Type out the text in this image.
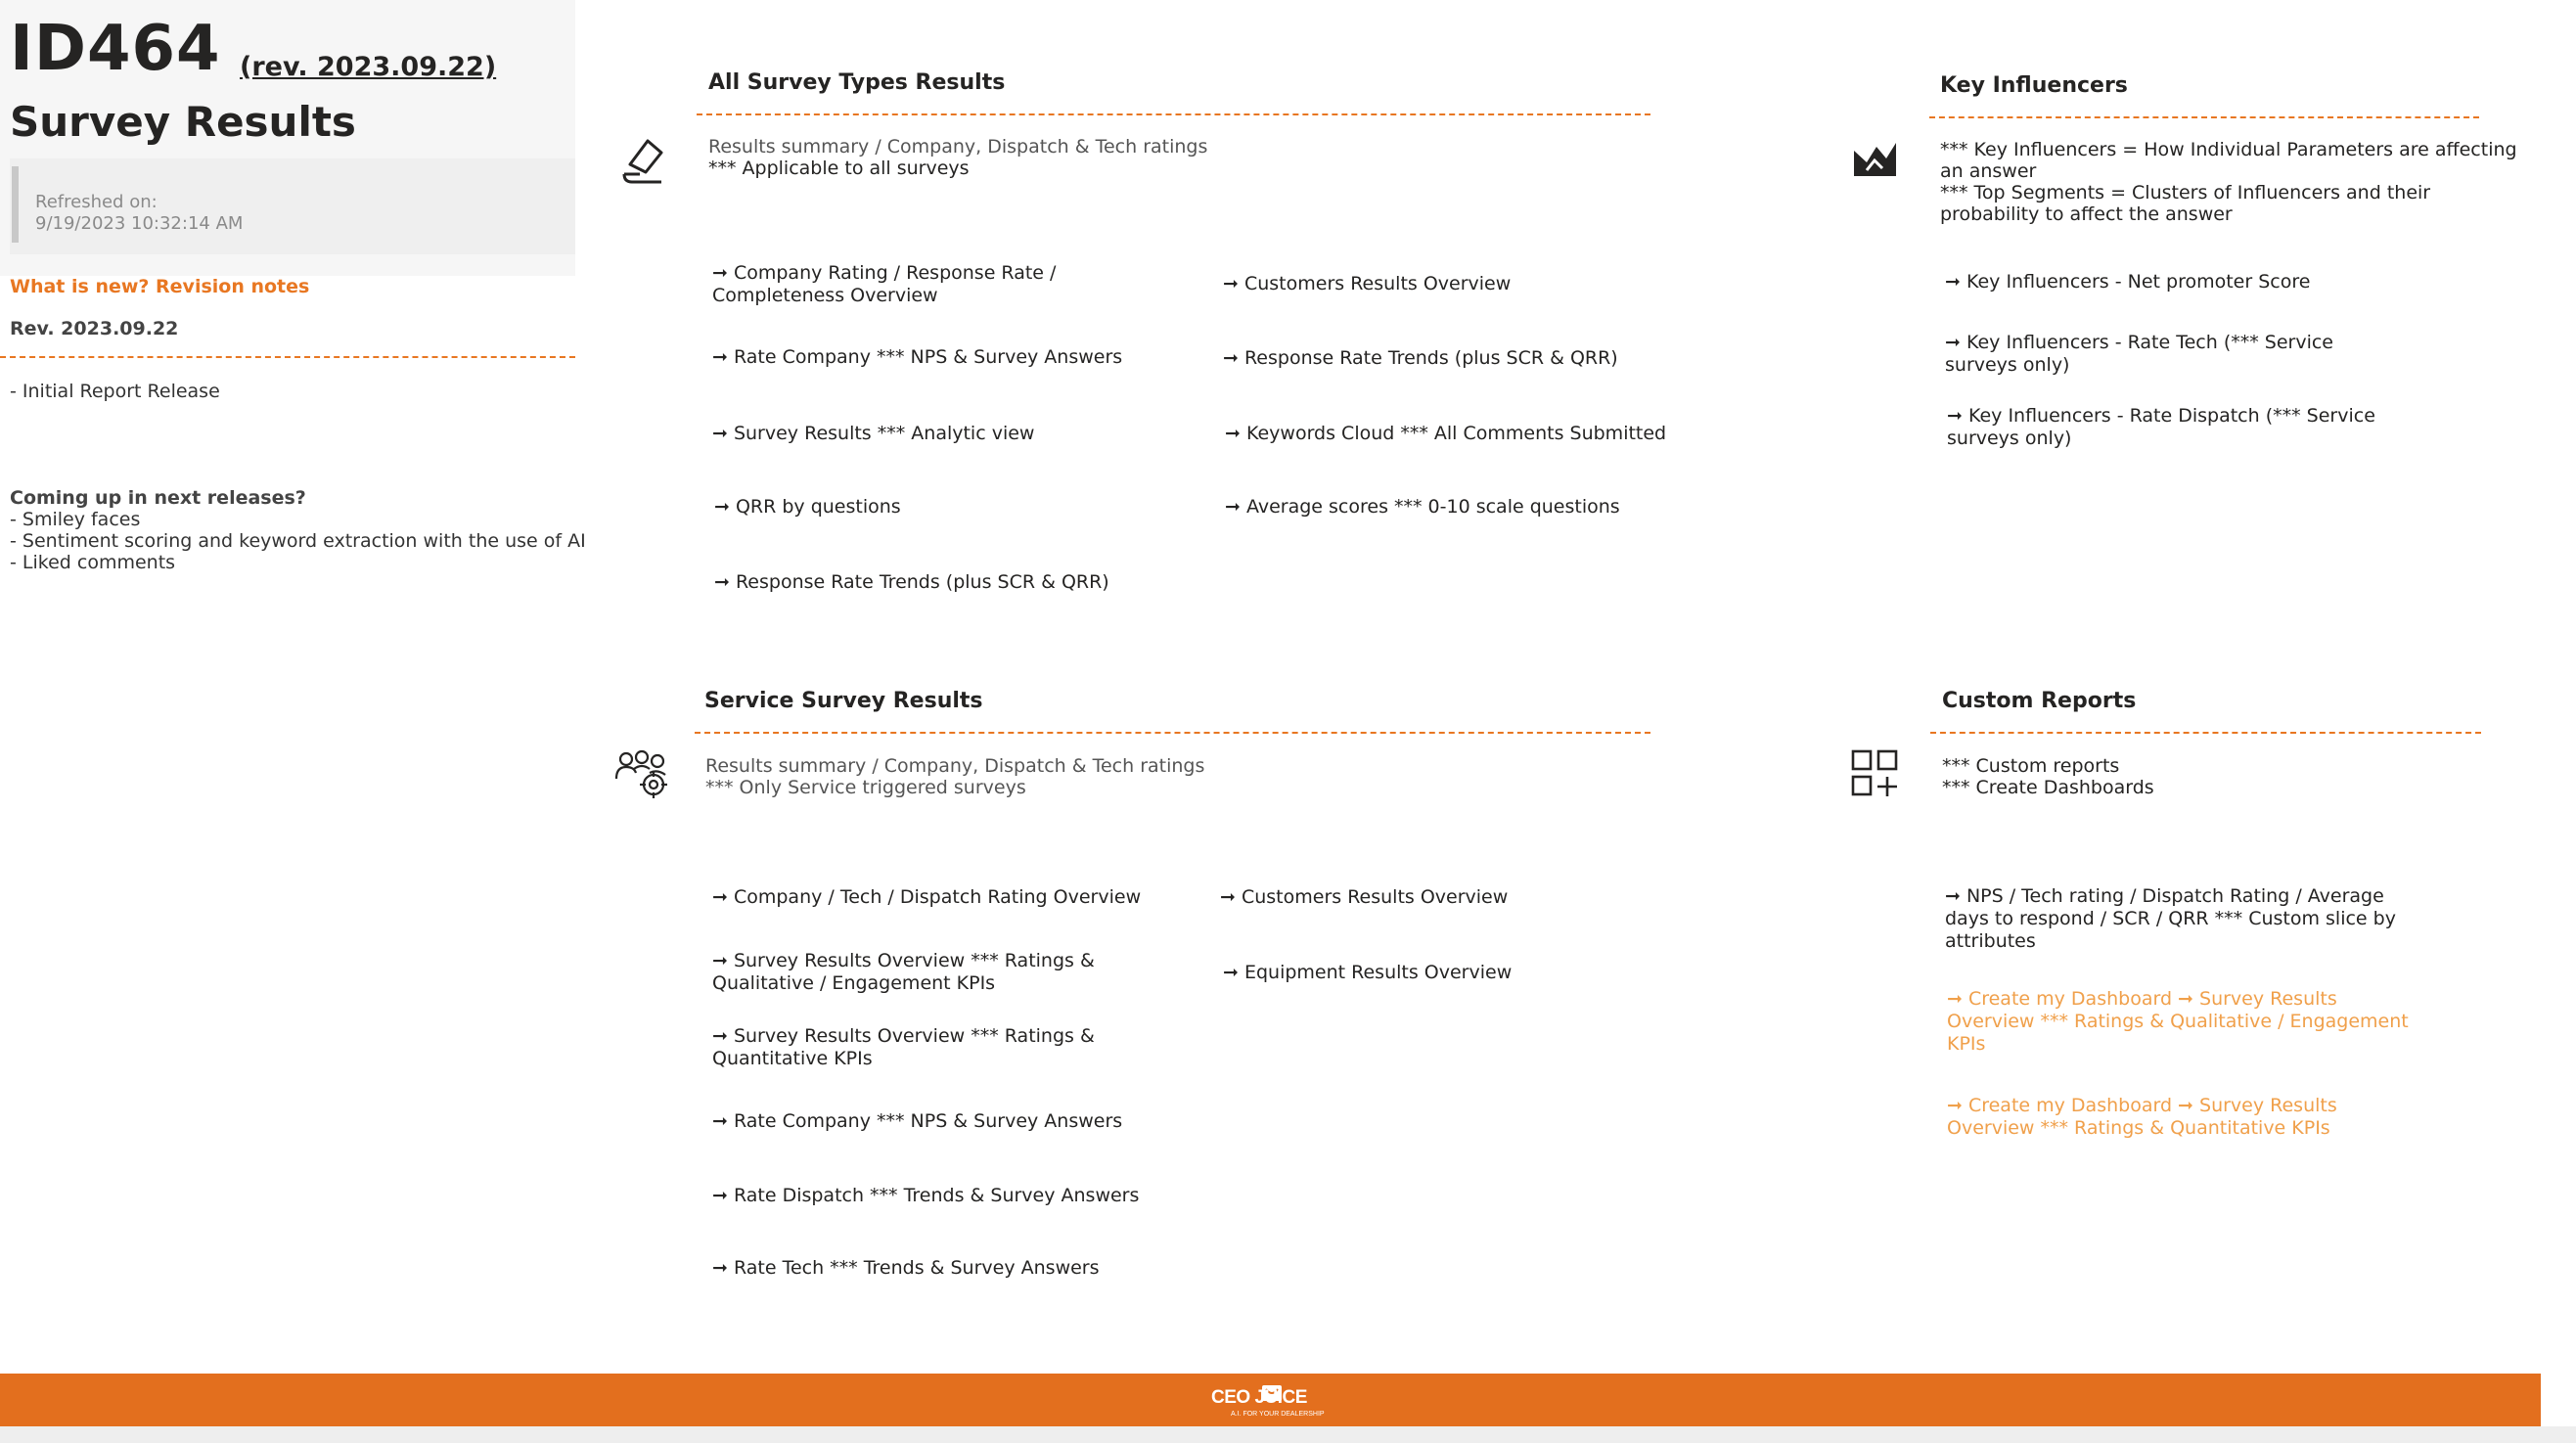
ID464 (rev. 2023.09.22)
Survey Results
Refreshed on:
9/19/2023 10:32:14 AM
What is new? Revision notes
Rev. 2023.09.22
- Initial Report Release
Coming up in next releases?
- Smiley faces
- Sentiment scoring and keyword extraction with the use of AI
- Liked comments
All Survey Types Results
Results summary / Company, Dispatch & Tech ratings
*** Applicable to all surveys
➞ Company Rating / Response Rate /
Completeness Overview
➞ Rate Company *** NPS & Survey Answers
➞ Survey Results *** Analytic view
➞ QRR by questions
➞ Response Rate Trends (plus SCR & QRR)
➞ Customers Results Overview
➞ Response Rate Trends (plus SCR & QRR)
➞ Keywords Cloud *** All Comments Submitted
➞ Average scores *** 0-10 scale questions
Key Influencers
*** Key Influencers = How Individual Parameters are affecting
an answer
*** Top Segments = Clusters of Influencers and their
probability to affect the answer
➞ Key Influencers - Net promoter Score
➞ Key Influencers - Rate Tech (*** Service
surveys only)
➞ Key Influencers - Rate Dispatch (*** Service
surveys only)
Service Survey Results
Results summary / Company, Dispatch & Tech ratings
*** Only Service triggered surveys
➞ Company / Tech / Dispatch Rating Overview
➞ Survey Results Overview *** Ratings &
Qualitative / Engagement KPIs
➞ Survey Results Overview *** Ratings &
Quantitative KPIs
➞ Rate Company *** NPS & Survey Answers
➞ Rate Dispatch *** Trends & Survey Answers
➞ Rate Tech *** Trends & Survey Answers
➞ Customers Results Overview
➞ Equipment Results Overview
Custom Reports
*** Custom reports
*** Create Dashboards
➞ NPS / Tech rating / Dispatch Rating / Average
days to respond / SCR / QRR *** Custom slice by
attributes
➞ Create my Dashboard ➞ Survey Results
Overview *** Ratings & Qualitative / Engagement
KPIs
➞ Create my Dashboard ➞ Survey Results
Overview *** Ratings & Quantitative KPIs
CEO JUICE
A.I. FOR YOUR DEALERSHIP
